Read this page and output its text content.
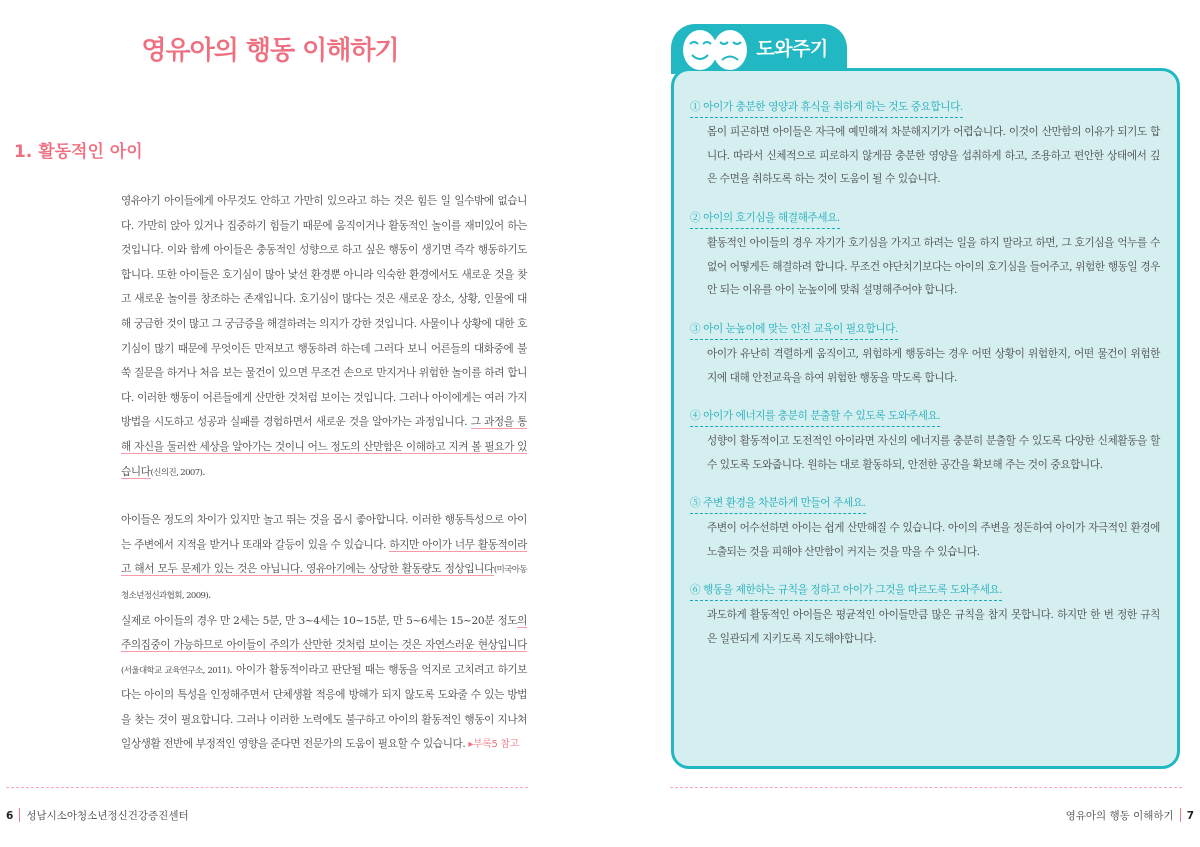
영유아의 행동 이해하기
1. 활동적인 아이

영유아기 아이들에게 아무것도 안하고 가만히 있으라고 하는 것은 힘든 일 일수밖에 없습니다. 가만히 앉아 있거나 집중하기 힘들기 때문에 움직이거나 활동적인 놀이를 재미있어 하는 것입니다. 이와 함께 아이들은 충동적인 성향으로 하고 싶은 행동이 생기면 즉각 행동하기도 합니다. 또한 아이들은 호기심이 많아 낯선 환경뿐 아니라 익숙한 환경에서도 새로운 것을 찾고 새로운 놀이를 창조하는 존재입니다. 호기심이 많다는 것은 새로운 장소, 상황, 인물에 대해 궁금한 것이 많고 그 궁금증을 해결하려는 의지가 강한 것입니다. 사물이나 상황에 대한 호기심이 많기 때문에 무엇이든 만져보고 행동하려 하는데 그러다 보니 어른들의 대화중에 불쑥 질문을 하거나 처음 보는 물건이 있으면 무조건 손으로 만지거나 위험한 놀이를 하려 합니다. 이러한 행동이 어른들에게 산만한 것처럼 보이는 것입니다. 그러나 아이에게는 여러 가지 방법을 시도하고 성공과 실패를 경험하면서 새로운 것을 알아가는 과정입니다. 그 과정을 통해 자신을 둘러싼 세상을 알아가는 것이니 어느 정도의 산만함은 이해하고 지켜 볼 필요가 있습니다(신의진, 2007).

아이들은 정도의 차이가 있지만 놀고 뛰는 것을 몹시 좋아합니다. 이러한 행동특성으로 아이는 주변에서 지적을 받거나 또래와 갈등이 있을 수 있습니다. 하지만 아이가 너무 활동적이라고 해서 모두 문제가 있는 것은 아닙니다. 영유아기에는 상당한 활동량도 정상입니다(미국아동청소년정신과협회, 2009).

실제로 아이들의 경우 만 2세는 5분, 만 3~4세는 10~15분, 만 5~6세는 15~20분 정도의 주의집중이 가능하므로 아이들이 주의가 산만한 것처럼 보이는 것은 자연스러운 현상입니다(서울대학교 교육연구소, 2011). 아이가 활동적이라고 판단될 때는 행동을 억지로 고치려고 하기보다는 아이의 특성을 인정해주면서 단체생활 적응에 방해가 되지 않도록 도와줄 수 있는 방법을 찾는 것이 필요합니다. 그러나 이러한 노력에도 불구하고 아이의 활동적인 행동이 지나쳐 일상생활 전반에 부정적인 영향을 준다면 전문가의 도움이 필요할 수 있습니다. ▸부록5 참고

6 성남시소아청소년정신건강증진센터
도와주기
① 아이가 충분한 영양과 휴식을 취하게 하는 것도 중요합니다.
몸이 피곤하면 아이들은 자극에 예민해져 차분해지기가 어렵습니다. 이것이 산만함의 이유가 되기도 합니다. 따라서 신체적으로 피로하지 않게끔 충분한 영양을 섭취하게 하고, 조용하고 편안한 상태에서 깊은 수면을 취하도록 하는 것이 도움이 될 수 있습니다.
② 아이의 호기심을 해결해주세요.
활동적인 아이들의 경우 자기가 호기심을 가지고 하려는 일을 하지 말라고 하면, 그 호기심을 억누를 수 없어 어떻게든 해결하려 합니다. 무조건 야단치기보다는 아이의 호기심을 들어주고, 위험한 행동일 경우 안 되는 이유를 아이 눈높이에 맞춰 설명해주어야 합니다.
③ 아이 눈높이에 맞는 안전 교육이 필요합니다.
아이가 유난히 격렬하게 움직이고, 위험하게 행동하는 경우 어떤 상황이 위험한지, 어떤 물건이 위험한지에 대해 안전교육을 하여 위험한 행동을 막도록 합니다.
④ 아이가 에너지를 충분히 분출할 수 있도록 도와주세요.
성향이 활동적이고 도전적인 아이라면 자신의 에너지를 충분히 분출할 수 있도록 다양한 신체활동을 할 수 있도록 도와줍니다. 원하는 대로 활동하되, 안전한 공간을 확보해 주는 것이 중요합니다.
⑤ 주변 환경을 차분하게 만들어 주세요.
주변이 어수선하면 아이는 쉽게 산만해질 수 있습니다. 아이의 주변을 정돈하여 아이가 자극적인 환경에 노출되는 것을 피해야 산만함이 커지는 것을 막을 수 있습니다.
⑥ 행동을 제한하는 규칙을 정하고 아이가 그것을 따르도록 도와주세요.
과도하게 활동적인 아이들은 평균적인 아이들만큼 많은 규칙을 참지 못합니다. 하지만 한 번 정한 규칙은 일관되게 지키도록 지도해야합니다.
영유아의 행동 이해하기 7
